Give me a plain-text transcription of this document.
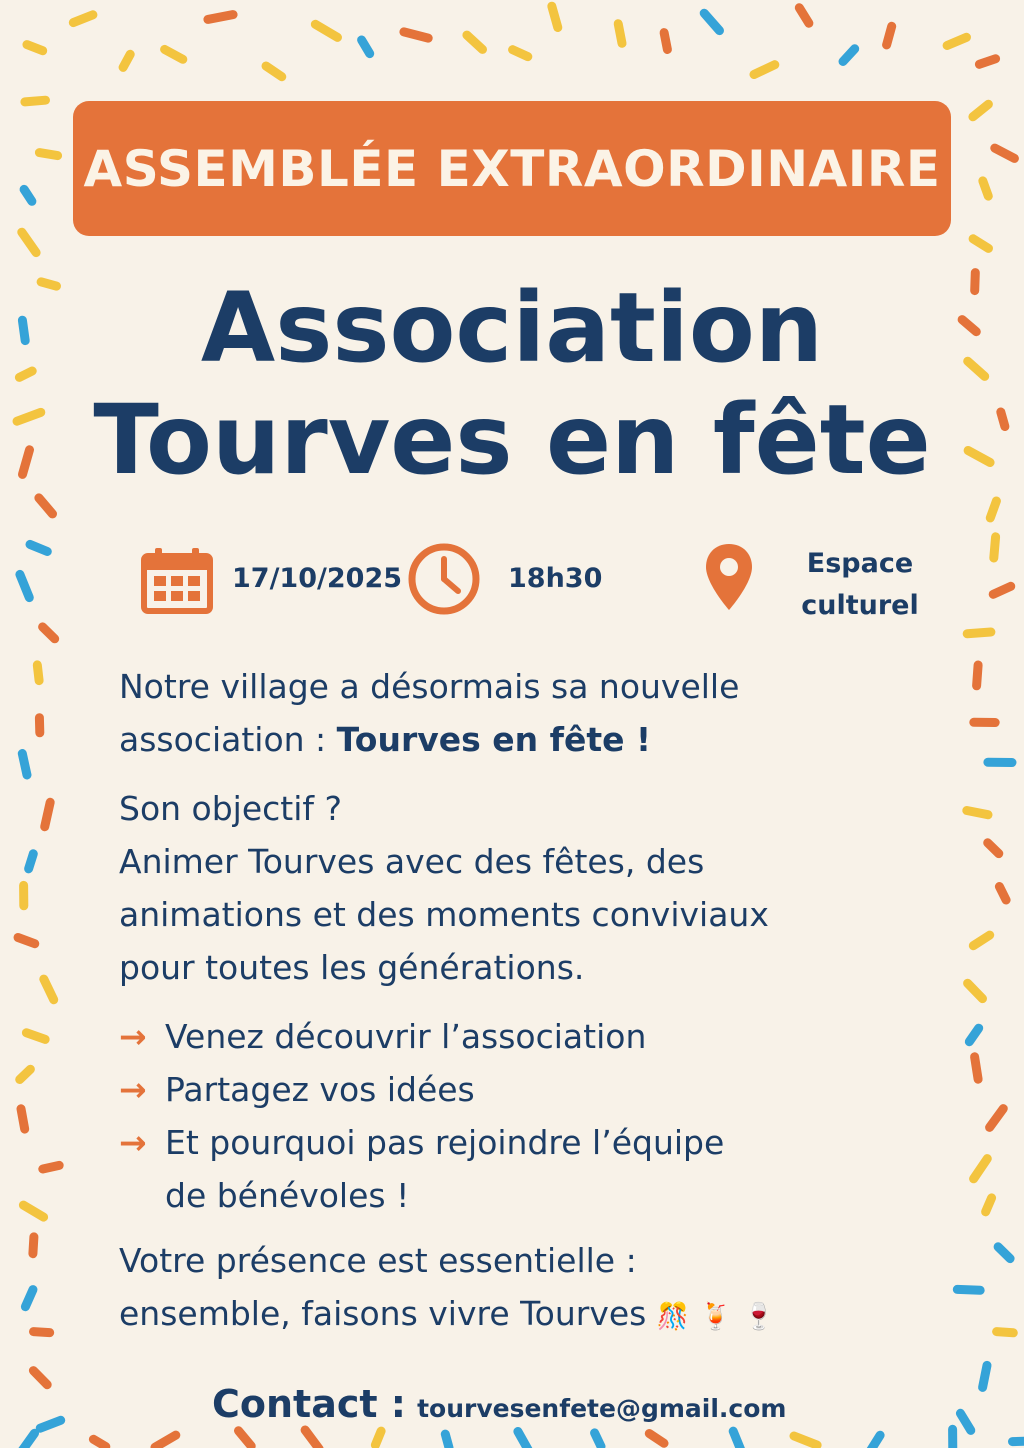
ASSEMBLÉE EXTRAORDINAIRE
Association
Tourves en fête
17/10/2025	18h30	Espace
culturel
Notre village a désormais sa nouvelle
association : Tourves en fête !
Son objectif ?
Animer Tourves avec des fêtes, des
animations et des moments conviviaux
pour toutes les générations.
→ Venez découvrir l’association
→ Partagez vos idées
→ Et pourquoi pas rejoindre l’équipe
de bénévoles !
Votre présence est essentielle :
ensemble, faisons vivre Tourves 🎊 🍹 🍷
Contact : tourvesenfete@gmail.com
